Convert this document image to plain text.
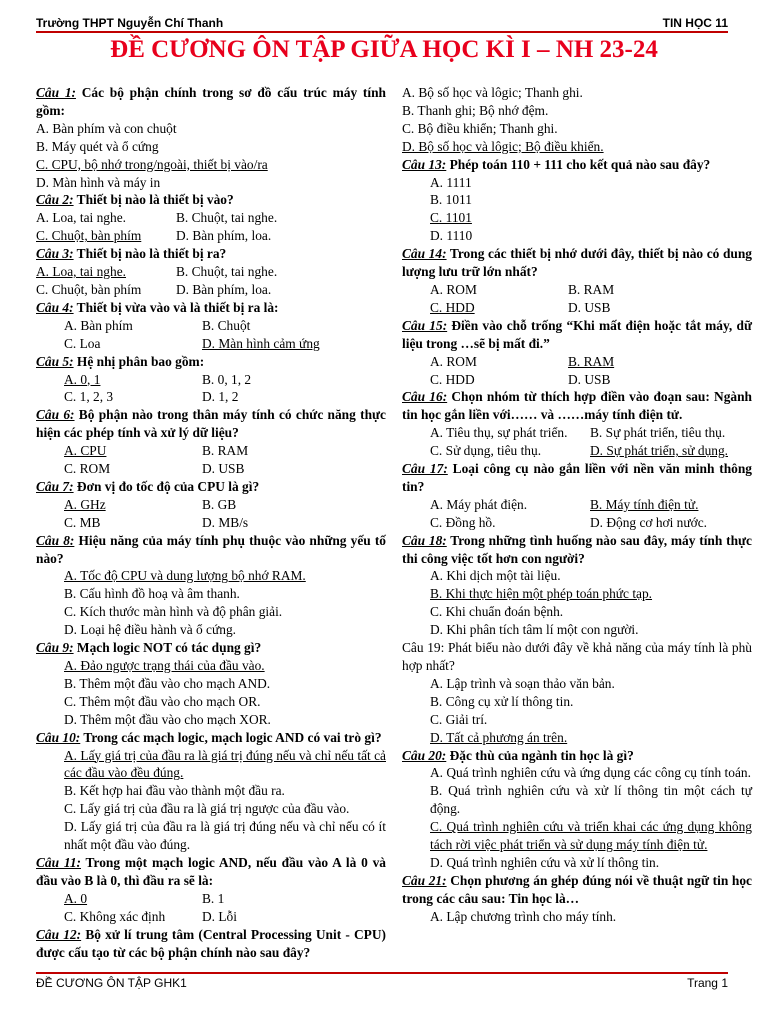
Trường THPT Nguyễn Chí Thanh	TIN HỌC 11
ĐỀ CƯƠNG ÔN TẬP GIỮA HỌC KÌ I – NH 23-24
Câu 1: Các bộ phận chính trong sơ đồ cấu trúc máy tính gồm:
A. Bàn phím và con chuột
B. Máy quét và ổ cứng
C. CPU, bộ nhớ trong/ngoài, thiết bị vào/ra
D. Màn hình và máy in
Câu 2: Thiết bị nào là thiết bị vào?
A. Loa, tai nghe.	B. Chuột, tai nghe.
C. Chuột, bàn phím	D. Bàn phím, loa.
Câu 3: Thiết bị nào là thiết bị ra?
A. Loa, tai nghe.	B. Chuột, tai nghe.
C. Chuột, bàn phím	D. Bàn phím, loa.
Câu 4: Thiết bị vừa vào và là thiết bị ra là:
A. Bàn phím	B. Chuột
C. Loa	D. Màn hình cảm ứng
Câu 5: Hệ nhị phân bao gồm:
A. 0, 1	B. 0, 1, 2
C. 1, 2, 3	D. 1, 2
Câu 6: Bộ phận nào trong thân máy tính có chức năng thực hiện các phép tính và xử lý dữ liệu?
A. CPU	B. RAM
C. ROM	D. USB
Câu 7: Đơn vị đo tốc độ của CPU là gì?
A. GHz	B. GB
C. MB	D. MB/s
Câu 8: Hiệu năng của máy tính phụ thuộc vào những yếu tố nào?
A. Tốc độ CPU và dung lượng bộ nhớ RAM.
B. Cấu hình đồ hoạ và âm thanh.
C. Kích thước màn hình và độ phân giải.
D. Loại hệ điều hành và ổ cứng.
Câu 9: Mạch logic NOT có tác dụng gì?
A. Đảo ngược trạng thái của đầu vào.
B. Thêm một đầu vào cho mạch AND.
C. Thêm một đầu vào cho mạch OR.
D. Thêm một đầu vào cho mạch XOR.
Câu 10: Trong các mạch logic, mạch logic AND có vai trò gì?
A. Lấy giá trị của đầu ra là giá trị đúng nếu và chỉ nếu tất cả các đầu vào đều đúng.
B. Kết hợp hai đầu vào thành một đầu ra.
C. Lấy giá trị của đầu ra là giá trị ngược của đầu vào.
D. Lấy giá trị của đầu ra là giá trị đúng nếu và chỉ nếu có ít nhất một đầu vào đúng.
Câu 11: Trong một mạch logic AND, nếu đầu vào A là 0 và đầu vào B là 0, thì đầu ra sẽ là:
A. 0	B. 1
C. Không xác định	D. Lỗi
Câu 12: Bộ xử lí trung tâm (Central Processing Unit - CPU) được cấu tạo từ các bộ phận chính nào sau đây?
A. Bộ số học và lôgic; Thanh ghi.
B. Thanh ghi; Bộ nhớ đệm.
C. Bộ điều khiển; Thanh ghi.
D. Bộ số học và lôgic; Bộ điều khiển.
Câu 13: Phép toán 110 + 111 cho kết quả nào sau đây?
A. 1111
B. 1011
C. 1101
D. 1110
Câu 14: Trong các thiết bị nhớ dưới đây, thiết bị nào có dung lượng lưu trữ lớn nhất?
A. ROM	B. RAM
C. HDD	D. USB
Câu 15: Điền vào chỗ trống “Khi mất điện hoặc tắt máy, dữ liệu trong …sẽ bị mất đi.”
A. ROM	B. RAM
C. HDD	D. USB
Câu 16: Chọn nhóm từ thích hợp điền vào đoạn sau: Ngành tin học gắn liền với…… và ……máy tính điện tử.
A. Tiêu thụ, sự phát triển.	B. Sự phát triển, tiêu thụ.
C. Sử dụng, tiêu thụ.	D. Sự phát triển, sử dụng.
Câu 17: Loại công cụ nào gắn liền với nền văn minh thông tin?
A. Máy phát điện.	B. Máy tính điện tử.
C. Đồng hồ.	D. Động cơ hơi nước.
Câu 18: Trong những tình huống nào sau đây, máy tính thực thi công việc tốt hơn con người?
A. Khi dịch một tài liệu.
B. Khi thực hiện một phép toán phức tạp.
C. Khi chuẩn đoán bệnh.
D. Khi phân tích tâm lí một con người.
Câu 19: Phát biểu nào dưới đây về khả năng của máy tính là phù hợp nhất?
A. Lập trình và soạn thảo văn bản.
B. Công cụ xử lí thông tin.
C. Giải trí.
D. Tất cả phương án trên.
Câu 20: Đặc thù của ngành tin học là gì?
A. Quá trình nghiên cứu và ứng dụng các công cụ tính toán.
B. Quá trình nghiên cứu và xử lí thông tin một cách tự động.
C. Quá trình nghiên cứu và triển khai các ứng dụng không tách rời việc phát triển và sử dụng máy tính điện tử.
D. Quá trình nghiên cứu và xử lí thông tin.
Câu 21: Chọn phương án ghép đúng nói về thuật ngữ tin học trong các câu sau: Tin học là…
A. Lập chương trình cho máy tính.
ĐỀ CƯƠNG ÔN TẬP GHK1	Trang 1
